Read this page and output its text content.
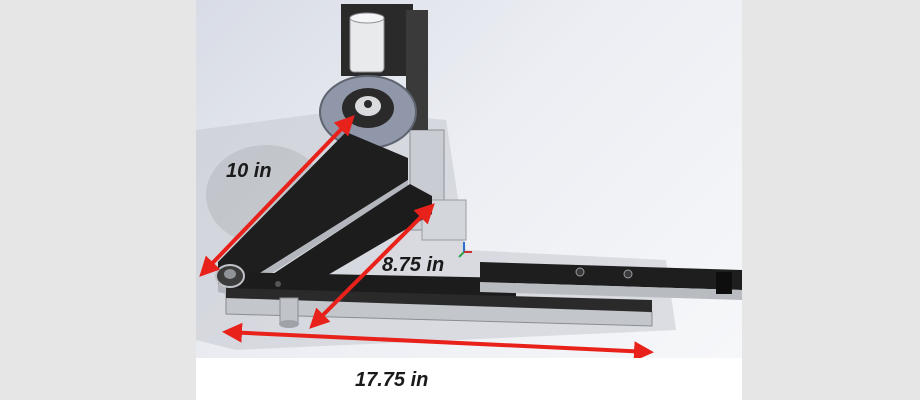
10 in
8.75 in
17.75 in
